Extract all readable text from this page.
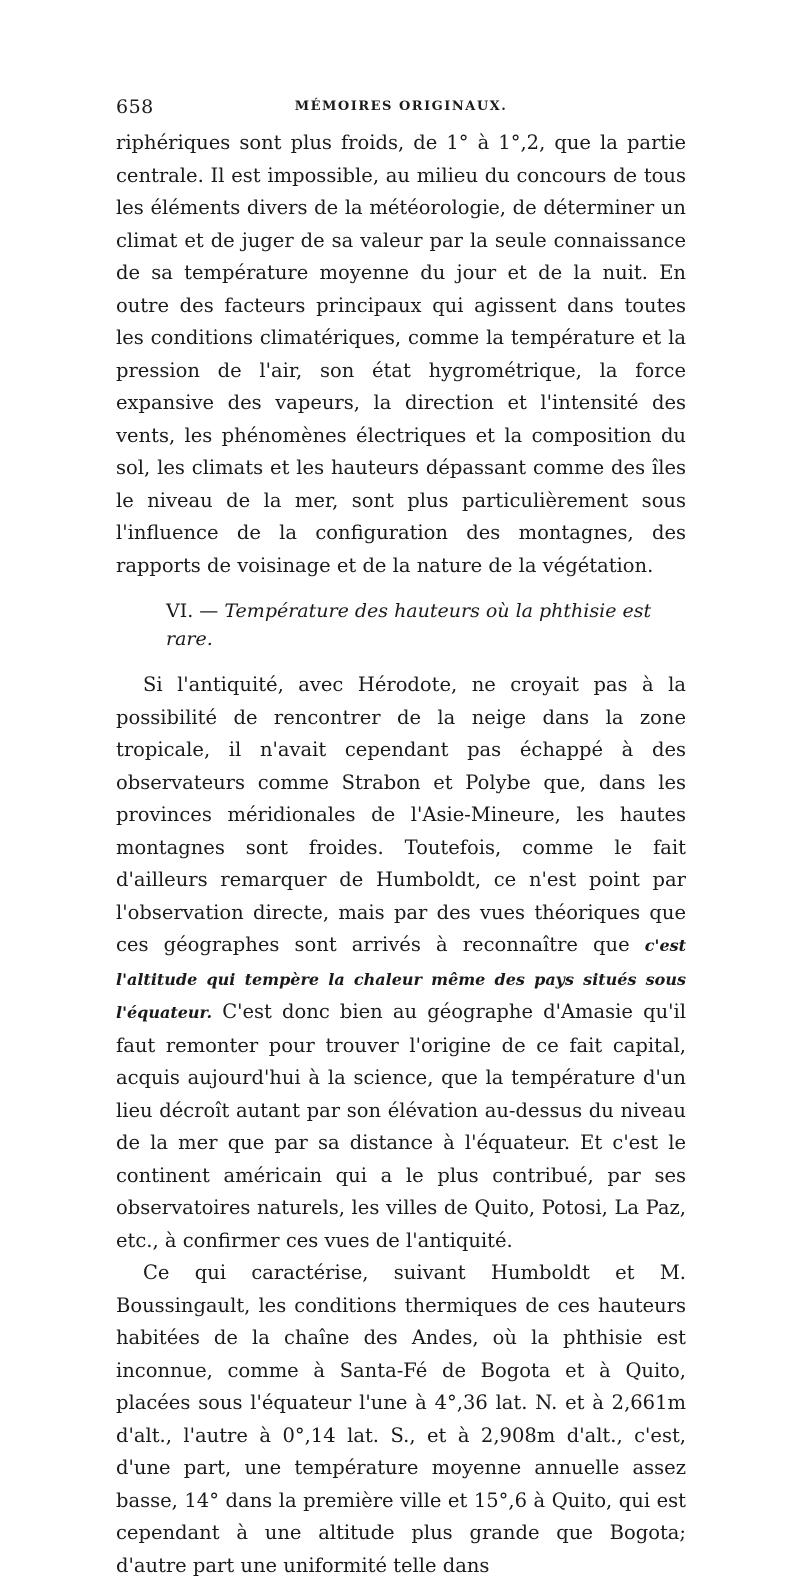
658	MÉMOIRES ORIGINAUX.

riphériques sont plus froids, de 1° à 1°,2, que la partie centrale. Il est impossible, au milieu du concours de tous les éléments divers de la météorologie, de déterminer un climat et de juger de sa valeur par la seule connaissance de sa température moyenne du jour et de la nuit. En outre des facteurs principaux qui agissent dans toutes les conditions climatériques, comme la température et la pression de l'air, son état hygrométrique, la force expansive des vapeurs, la direction et l'intensité des vents, les phénomènes électriques et la composition du sol, les climats et les hauteurs dépassant comme des îles le niveau de la mer, sont plus particulièrement sous l'influence de la configuration des montagnes, des rapports de voisinage et de la nature de la végétation.

VI. — Température des hauteurs où la phthisie est rare.

Si l'antiquité, avec Hérodote, ne croyait pas à la possibilité de rencontrer de la neige dans la zone tropicale, il n'avait cependant pas échappé à des observateurs comme Strabon et Polybe que, dans les provinces méridionales de l'Asie-Mineure, les hautes montagnes sont froides. Toutefois, comme le fait d'ailleurs remarquer de Humboldt, ce n'est point par l'observation directe, mais par des vues théoriques que ces géographes sont arrivés à reconnaître que c'est l'altitude qui tempère la chaleur même des pays situés sous l'équateur. C'est donc bien au géographe d'Amasie qu'il faut remonter pour trouver l'origine de ce fait capital, acquis aujourd'hui à la science, que la température d'un lieu décroît autant par son élévation au-dessus du niveau de la mer que par sa distance à l'équateur. Et c'est le continent américain qui a le plus contribué, par ses observatoires naturels, les villes de Quito, Potosi, La Paz, etc., à confirmer ces vues de l'antiquité.

Ce qui caractérise, suivant Humboldt et M. Boussingault, les conditions thermiques de ces hauteurs habitées de la chaîne des Andes, où la phthisie est inconnue, comme à Santa-Fé de Bogota et à Quito, placées sous l'équateur l'une à 4°,36 lat. N. et à 2,661m d'alt., l'autre à 0°,14 lat. S., et à 2,908m d'alt., c'est, d'une part, une température moyenne annuelle assez basse, 14° dans la première ville et 15°,6 à Quito, qui est cependant à une altitude plus grande que Bogota; d'autre part une uniformité telle dans
